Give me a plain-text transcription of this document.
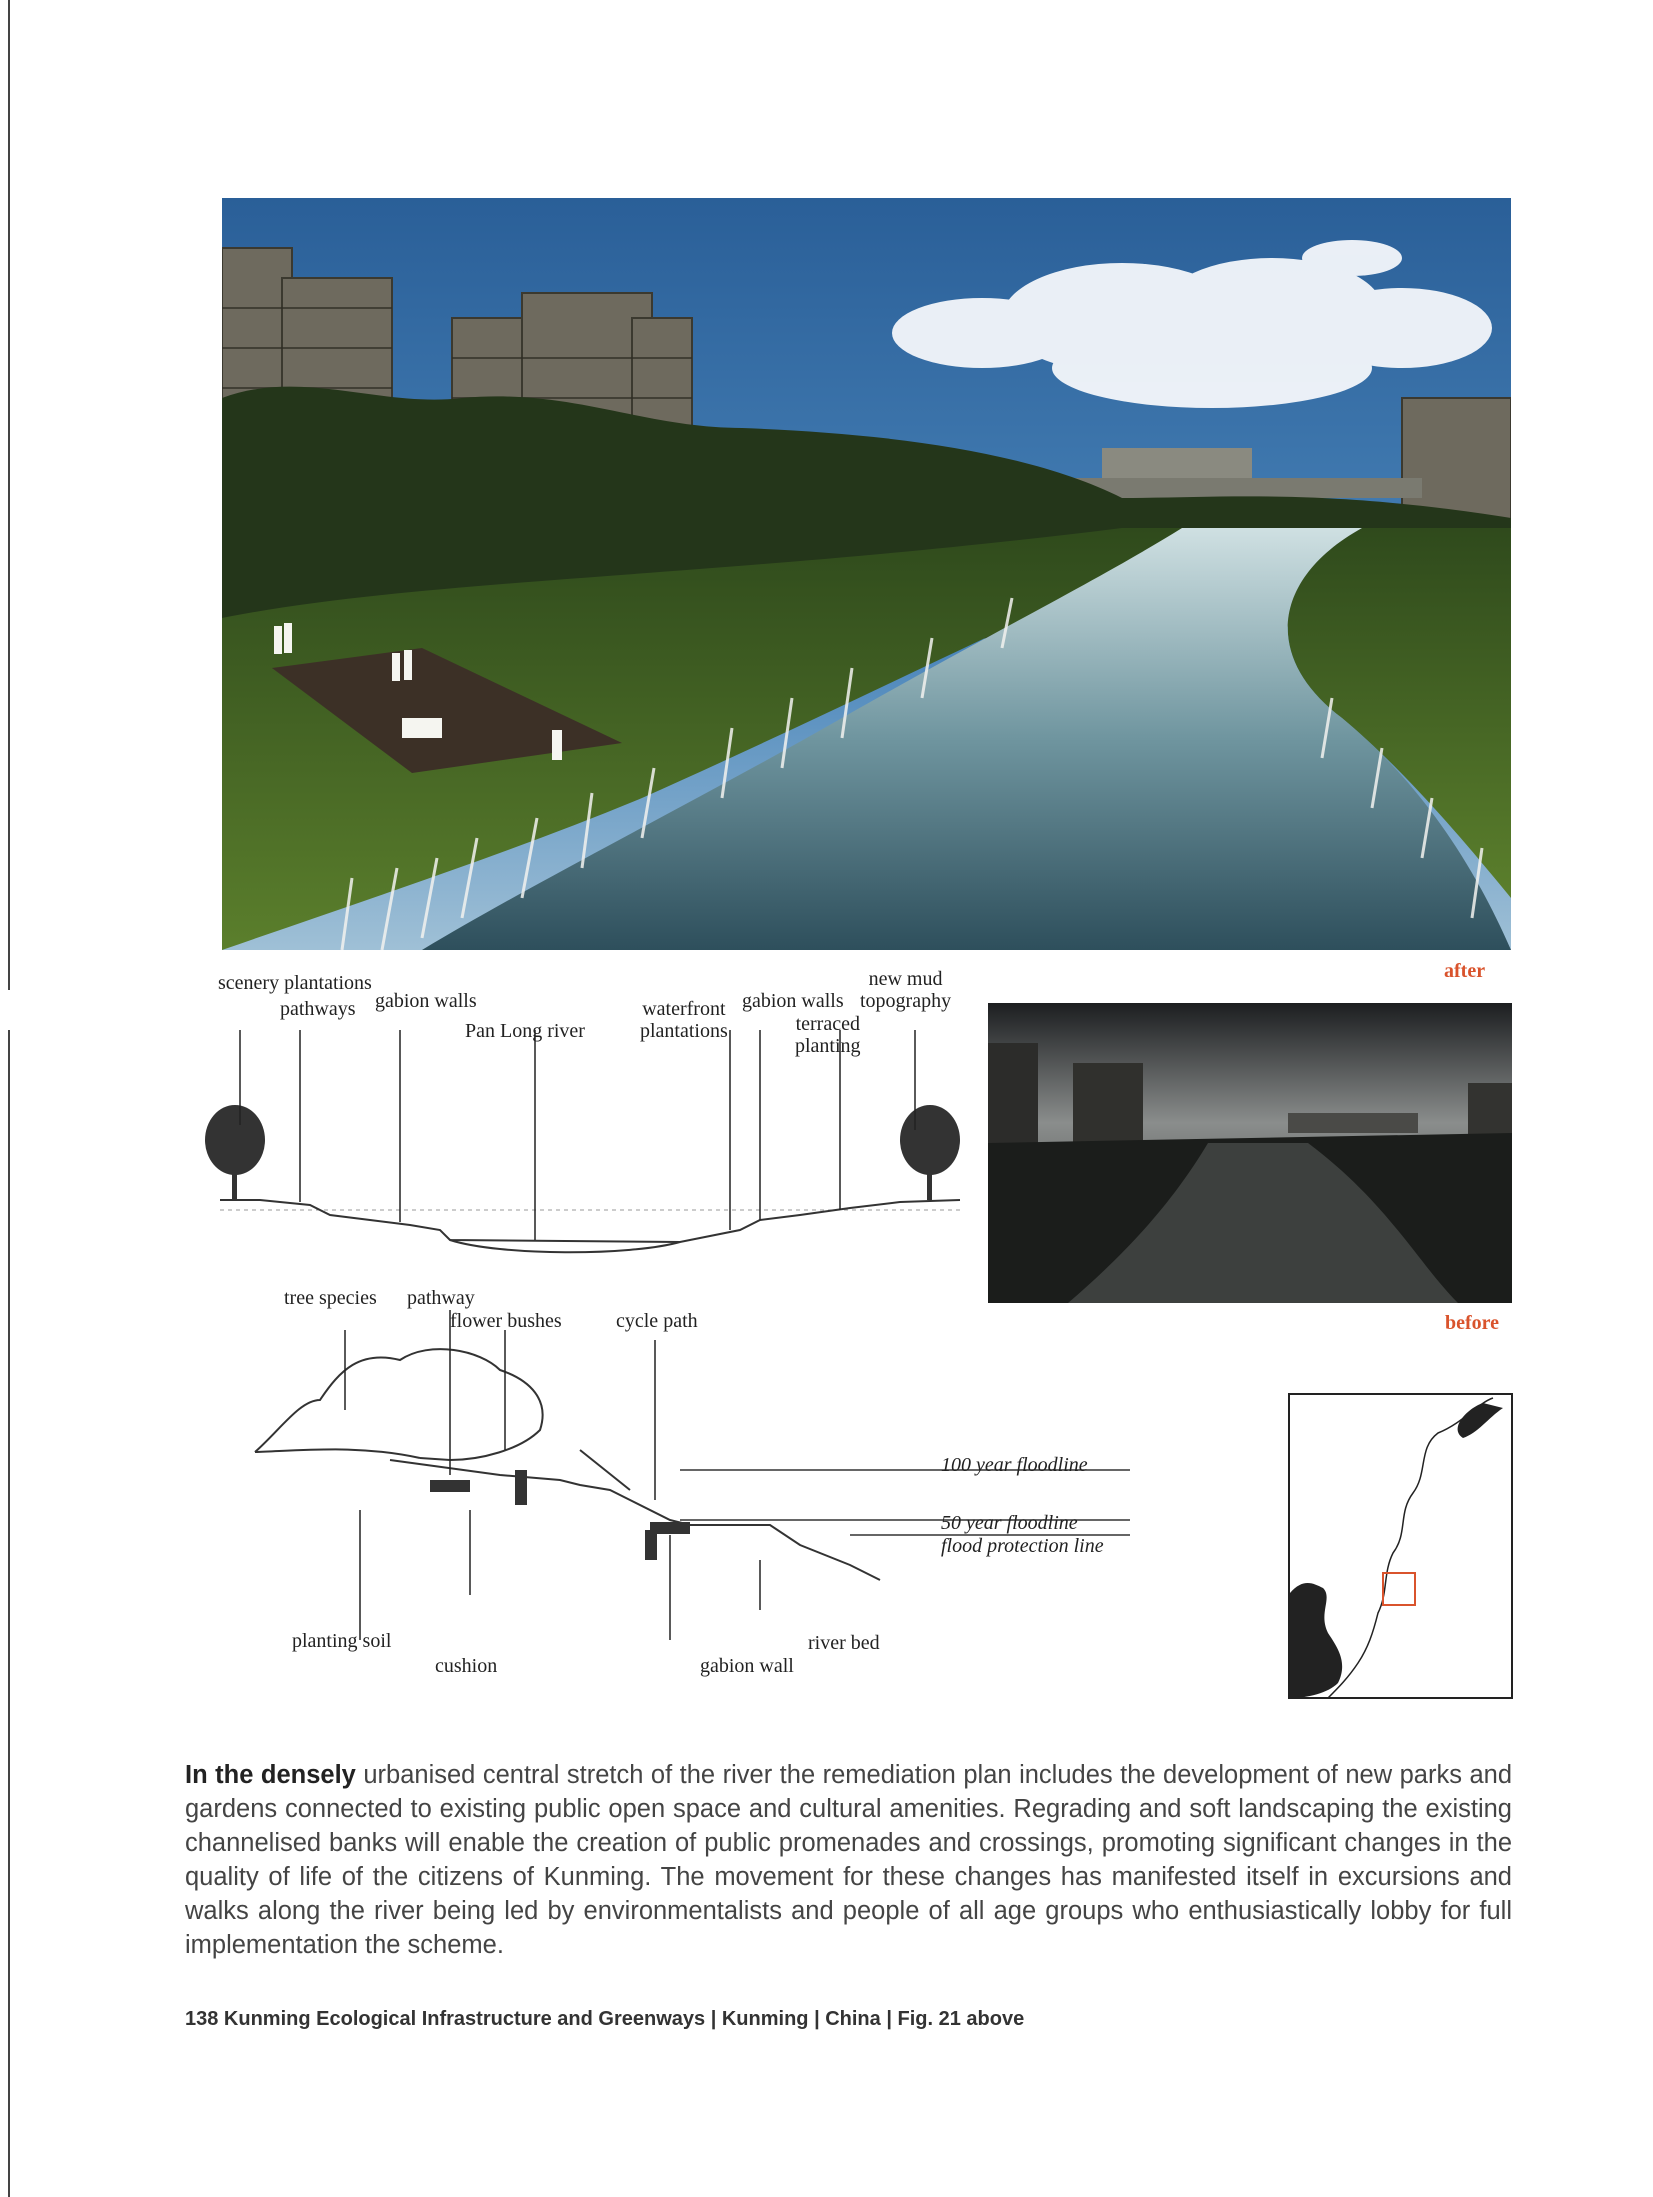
after
before
scenery plantations
pathways gabion walls
Pan Long river
waterfront
plantations
gabion walls
terraced
planting
new mud
topography
tree species pathway
flower bushes	cycle path
100 year floodline
50 year floodline
flood protection line
planting soil
cushion	gabion wall
river bed

In the densely urbanised central stretch of the river the remediation plan includes the development of new parks and gardens connected to existing public open space and cultural amenities. Regrading and soft landscaping the existing channelised banks will enable the creation of public promenades and crossings, promoting significant changes in the quality of life of the citizens of Kunming. The movement for these changes has manifested itself in excursions and walks along the river being led by environmentalists and people of all age groups who enthusiastically lobby for full implementation the scheme.

138 Kunming Ecological Infrastructure and Greenways | Kunming | China | Fig. 21 above
